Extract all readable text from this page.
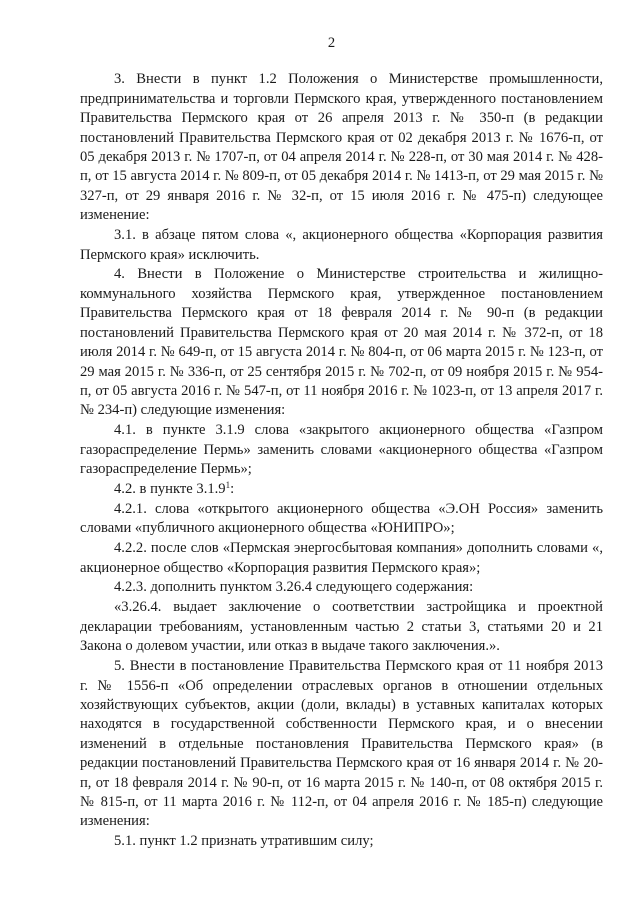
2

3. Внести в пункт 1.2 Положения о Министерстве промышленности, предпринимательства и торговли Пермского края, утвержденного постановлением Правительства Пермского края от 26 апреля 2013 г. № 350-п (в редакции постановлений Правительства Пермского края от 02 декабря 2013 г. № 1676-п, от 05 декабря 2013 г. № 1707-п, от 04 апреля 2014 г. № 228-п, от 30 мая 2014 г. № 428-п, от 15 августа 2014 г. № 809-п, от 05 декабря 2014 г. № 1413-п, от 29 мая 2015 г. № 327-п, от 29 января 2016 г. № 32-п, от 15 июля 2016 г. № 475-п) следующее изменение:

3.1. в абзаце пятом слова «, акционерного общества «Корпорация развития Пермского края» исключить.

4. Внести в Положение о Министерстве строительства и жилищно-коммунального хозяйства Пермского края, утвержденное постановлением Правительства Пермского края от 18 февраля 2014 г. № 90-п (в редакции постановлений Правительства Пермского края от 20 мая 2014 г. № 372-п, от 18 июля 2014 г. № 649-п, от 15 августа 2014 г. № 804-п, от 06 марта 2015 г. № 123-п, от 29 мая 2015 г. № 336-п, от 25 сентября 2015 г. № 702-п, от 09 ноября 2015 г. № 954-п, от 05 августа 2016 г. № 547-п, от 11 ноября 2016 г. № 1023-п, от 13 апреля 2017 г. № 234-п) следующие изменения:

4.1. в пункте 3.1.9 слова «закрытого акционерного общества «Газпром газораспределение Пермь» заменить словами «акционерного общества «Газпром газораспределение Пермь»;

4.2. в пункте 3.1.9$^1$:

4.2.1. слова «открытого акционерного общества «Э.ОН Россия» заменить словами «публичного акционерного общества «ЮНИПРО»;

4.2.2. после слов «Пермская энергосбытовая компания» дополнить словами «, акционерное общество «Корпорация развития Пермского края»;

4.2.3. дополнить пунктом 3.26.4 следующего содержания:

«3.26.4. выдает заключение о соответствии застройщика и проектной декларации требованиям, установленным частью 2 статьи 3, статьями 20 и 21 Закона о долевом участии, или отказ в выдаче такого заключения.».

5. Внести в постановление Правительства Пермского края от 11 ноября 2013 г. № 1556-п «Об определении отраслевых органов в отношении отдельных хозяйствующих субъектов, акции (доли, вклады) в уставных капиталах которых находятся в государственной собственности Пермского края, и о внесении изменений в отдельные постановления Правительства Пермского края» (в редакции постановлений Правительства Пермского края от 16 января 2014 г. № 20-п, от 18 февраля 2014 г. № 90-п, от 16 марта 2015 г. № 140-п, от 08 октября 2015 г. № 815-п, от 11 марта 2016 г. № 112-п, от 04 апреля 2016 г. № 185-п) следующие изменения:

5.1. пункт 1.2 признать утратившим силу;
